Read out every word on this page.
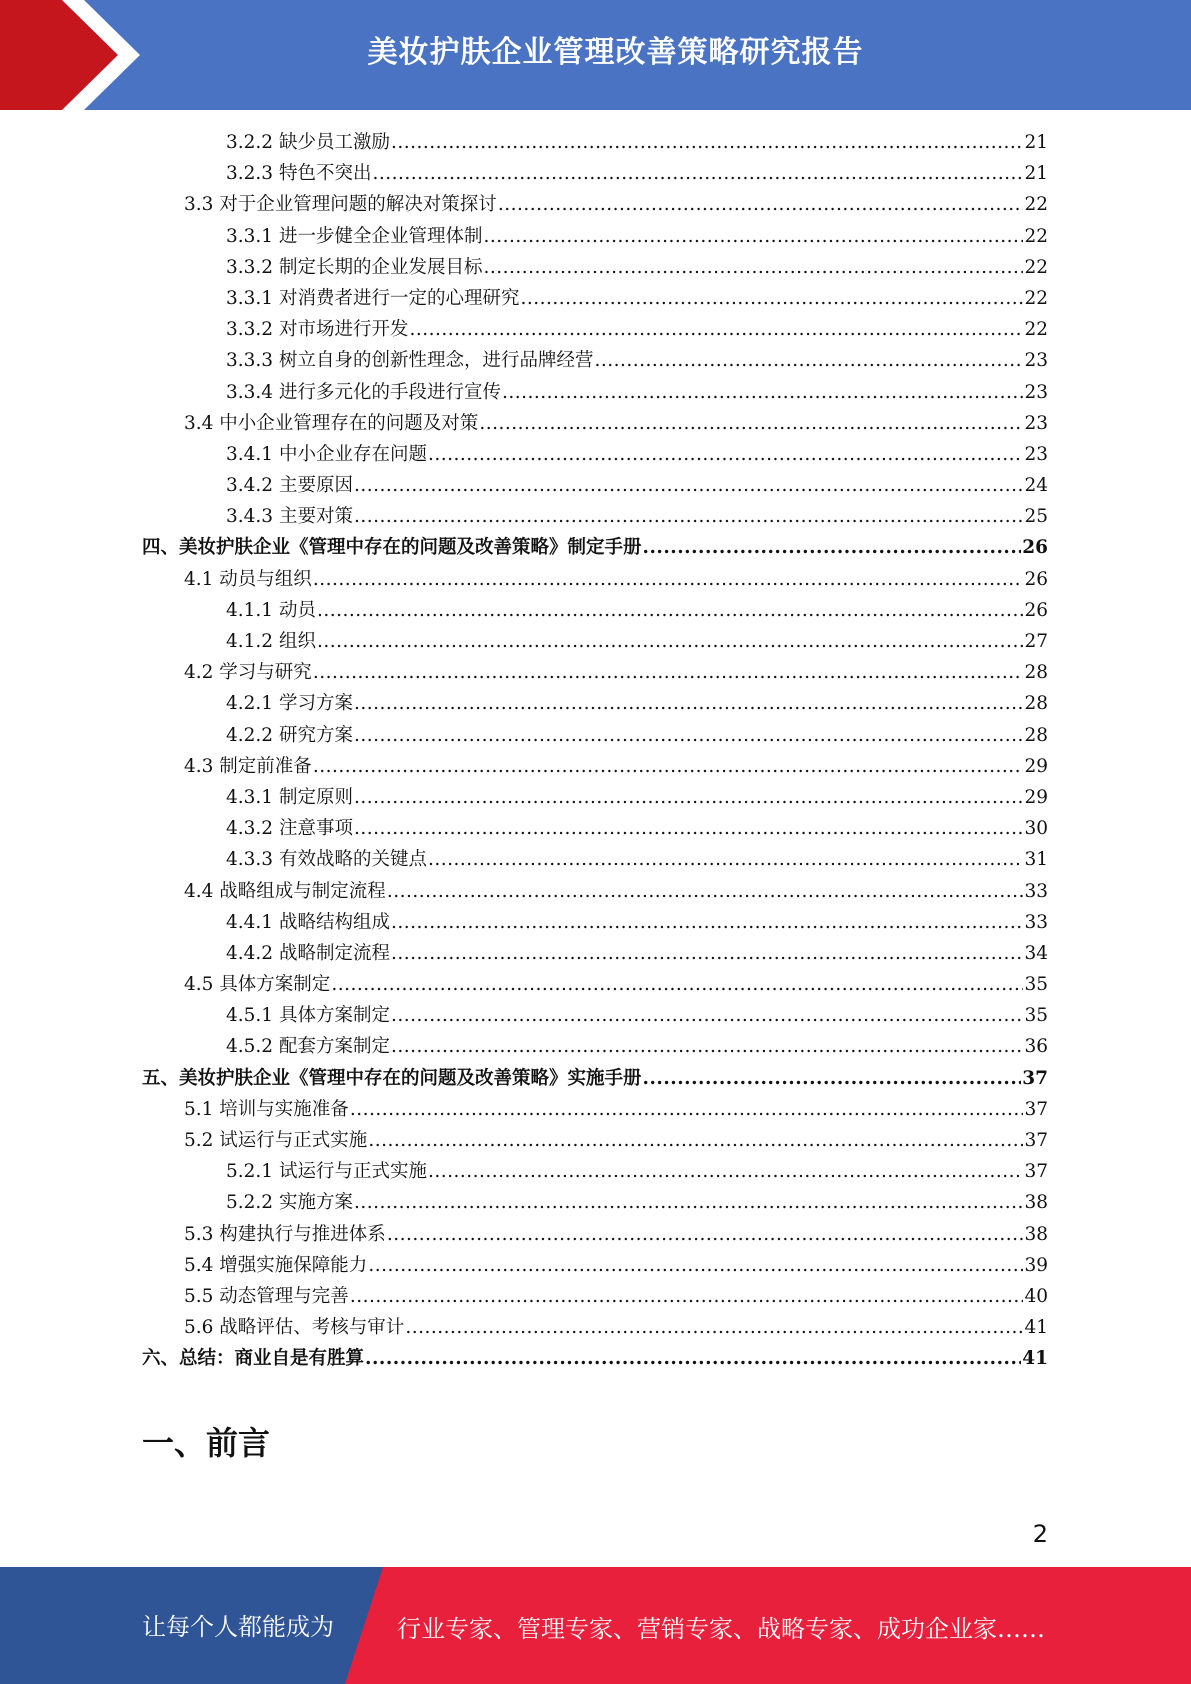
美妆护肤企业管理改善策略研究报告
3.2.2 缺少员工激励 .....	21
3.2.3 特色不突出 .....	21
3.3 对于企业管理问题的解决对策探讨 .....	22
3.3.1 进一步健全企业管理体制 .....	22
3.3.2 制定长期的企业发展目标 .....	22
3.3.1 对消费者进行一定的心理研究 .....	22
3.3.2 对市场进行开发 .....	22
3.3.3 树立自身的创新性理念，进行品牌经营 .....	23
3.3.4 进行多元化的手段进行宣传 .....	23
3.4 中小企业管理存在的问题及对策 .....	23
3.4.1 中小企业存在问题 .....	23
3.4.2 主要原因 .....	24
3.4.3 主要对策 .....	25
四、美妆护肤企业《管理中存在的问题及改善策略》制定手册 .....	26
4.1 动员与组织 .....	26
4.1.1 动员 .....	26
4.1.2 组织 .....	27
4.2 学习与研究 .....	28
4.2.1 学习方案 .....	28
4.2.2 研究方案 .....	28
4.3 制定前准备 .....	29
4.3.1 制定原则 .....	29
4.3.2 注意事项 .....	30
4.3.3 有效战略的关键点 .....	31
4.4 战略组成与制定流程 .....	33
4.4.1 战略结构组成 .....	33
4.4.2 战略制定流程 .....	34
4.5 具体方案制定 .....	35
4.5.1 具体方案制定 .....	35
4.5.2 配套方案制定 .....	36
五、美妆护肤企业《管理中存在的问题及改善策略》实施手册 .....	37
5.1 培训与实施准备 .....	37
5.2 试运行与正式实施 .....	37
5.2.1 试运行与正式实施 .....	37
5.2.2 实施方案 .....	38
5.3 构建执行与推进体系 .....	38
5.4 增强实施保障能力 .....	39
5.5 动态管理与完善 .....	40
5.6 战略评估、考核与审计 .....	41
六、总结：商业自是有胜算 .....	41
一、前言
2
让每个人都能成为	行业专家、管理专家、营销专家、战略专家、成功企业家……
